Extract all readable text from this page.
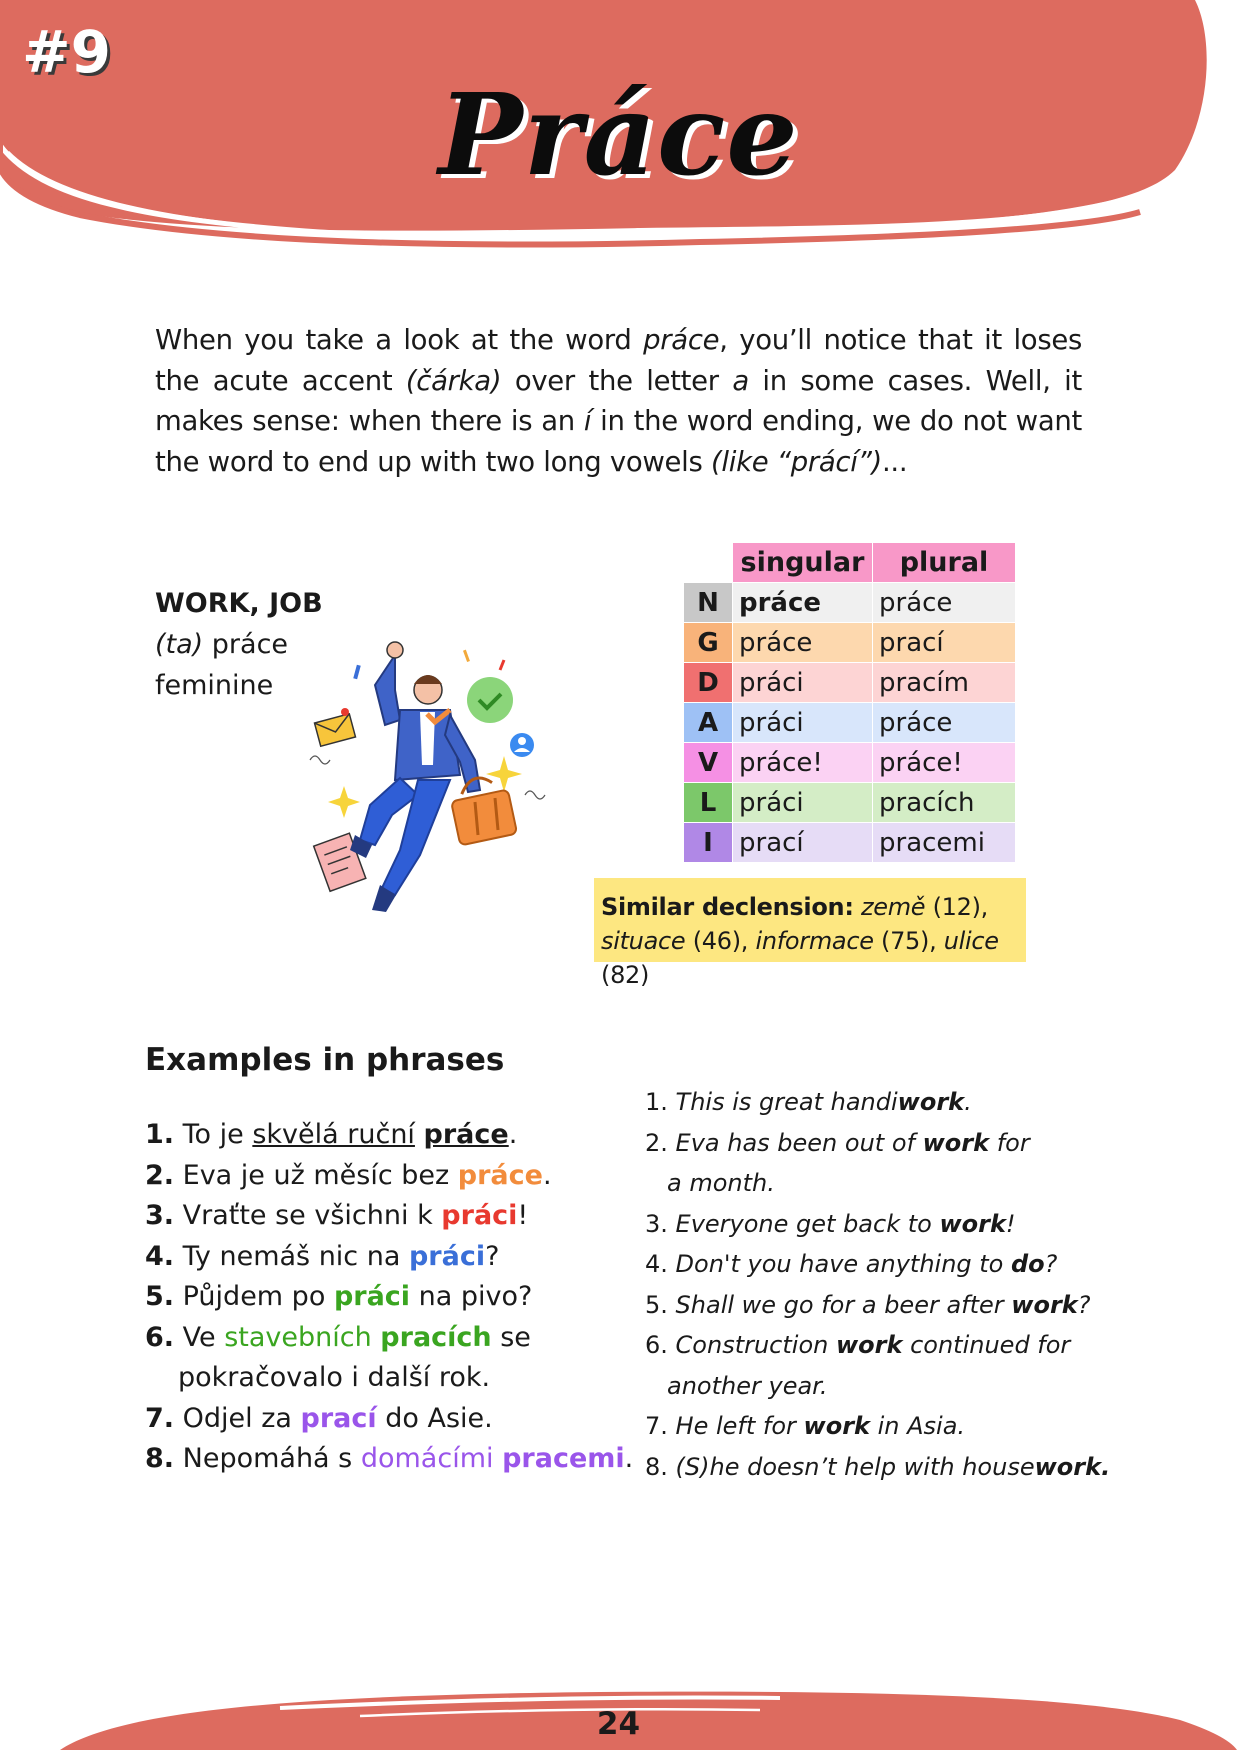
#9
Práce
When you take a look at the word práce, you’ll notice that it loses the acute accent (čárka) over the letter a in some cases. Well, it makes sense: when there is an í in the word ending, we do not want the word to end up with two long vowels (like “prácí”)...
WORK, JOB
(ta) práce
feminine
	singular	plural
N	práce	práce
G	práce	prací
D	práci	pracím
A	práci	práce
V	práce!	práce!
L	práci	pracích
I	prací	pracemi
Similar declension: země (12),
situace (46), informace (75), ulice (82)
Examples in phrases
1. To je skvělá ruční práce.
2. Eva je už měsíc bez práce.
3. Vraťte se všichni k práci!
4. Ty nemáš nic na práci?
5. Půjdem po práci na pivo?
6. Ve stavebních pracích se
pokračovalo i další rok.
7. Odjel za prací do Asie.
8. Nepomáhá s domácími pracemi.
1. This is great handiwork.
2. Eva has been out of work for
a month.
3. Everyone get back to work!
4. Don't you have anything to do?
5. Shall we go for a beer after work?
6. Construction work continued for
another year.
7. He left for work in Asia.
8. (S)he doesn’t help with housework.
24
